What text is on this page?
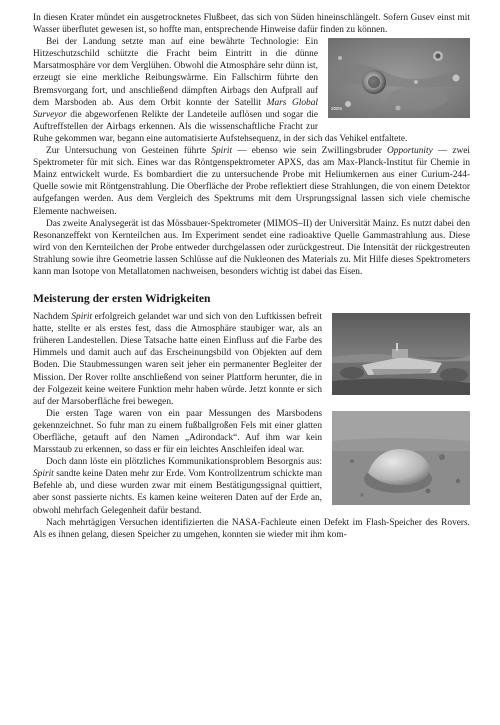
In diesen Krater mündet ein ausgetrocknetes Flußbeet, das sich von Süden hineinschlängelt. Sofern Gusev einst mit Wasser überflutet gewesen ist, so hoffte man, entsprechende Hinweise dafür finden zu können.

200m

Bei der Landung setzte man auf eine bewährte Technologie: Ein Hitzeschutzschild schützte die Fracht beim Eintritt in die dünne Marsatmosphäre vor dem Verglühen. Obwohl die Atmosphäre sehr dünn ist, erzeugt sie eine merkliche Reibungswärme. Ein Fallschirm führte den Bremsvorgang fort, und anschließend dämpften Airbags den Aufprall auf dem Marsboden ab. Aus dem Orbit konnte der Satellit Mars Global Surveyor die abgeworfenen Relikte der Landeteile auflösen und sogar die Auftreffstellen der Airbags erkennen. Als die wissenschaftliche Fracht zur Ruhe gekommen war, begann eine automatisierte Aufstehsequenz, in der sich das Vehikel entfaltete.

Zur Untersuchung von Gesteinen führte Spirit — ebenso wie sein Zwillingsbruder Opportunity — zwei Spektrometer für mit sich. Eines war das Röntgenspektrometer APXS, das am Max-Planck-Institut für Chemie in Mainz entwickelt wurde. Es bombardiert die zu untersuchende Probe mit Heliumkernen aus einer Curium-244-Quelle sowie mit Röntgenstrahlung. Die Oberfläche der Probe reflektiert diese Strahlungen, die von einem Detektor aufgefangen werden. Aus dem Vergleich des Spektrums mit dem Ursprungssignal lassen sich viele chemische Elemente nachweisen.

Das zweite Analysegerät ist das Mössbauer-Spektrometer (MIMOS–II) der Universität Mainz. Es nutzt dabei den Resonanzeffekt von Kernteilchen aus. Im Experiment sendet eine radioaktive Quelle Gammastrahlung aus. Diese wird von den Kernteilchen der Probe entweder durchgelassen oder zurückgestreut. Die Intensität der rückgestreuten Strahlung sowie ihre Geometrie lassen Schlüsse auf die Nukleonen des Materials zu. Mit Hilfe dieses Spektrometers kann man Isotope von Metallatomen nachweisen, besonders wichtig ist dabei das Eisen.

Meisterung der ersten Widrigkeiten

Nachdem Spirit erfolgreich gelandet war und sich von den Luftkissen befreit hatte, stellte er als erstes fest, dass die Atmosphäre staubiger war, als an früheren Landestellen. Diese Tatsache hatte einen Einfluss auf die Farbe des Himmels und damit auch auf das Erscheinungsbild von Objekten auf dem Boden. Die Staubmessungen waren seit jeher ein permanenter Begleiter der Mission. Der Rover rollte anschließend von seiner Plattform herunter, die in der Folgezeit keine weitere Funktion mehr haben würde. Jetzt konnte er sich auf der Marsoberfläche frei bewegen.

Die ersten Tage waren von ein paar Messungen des Marsbodens gekennzeichnet. So fuhr man zu einem fußballgroßen Fels mit einer glatten Oberfläche, getauft auf den Namen „Adirondack“. Auf ihm war kein Marsstaub zu erkennen, so dass er für ein leichtes Anschleifen ideal war.

Doch dann löste ein plötzliches Kommunikationsproblem Besorgnis aus: Spirit sandte keine Daten mehr zur Erde. Vom Kontrollzentrum schickte man Befehle ab, und diese wurden zwar mit einem Bestätigungssignal quittiert, aber sonst passierte nichts. Es kamen keine weiteren Daten auf der Erde an, obwohl mehrfach Gelegenheit dafür bestand.

Nach mehrtägigen Versuchen identifizierten die NASA-Fachleute einen Defekt im Flash-Speicher des Rovers. Als es ihnen gelang, diesen Speicher zu umgehen, konnten sie wieder mit ihm kom-
